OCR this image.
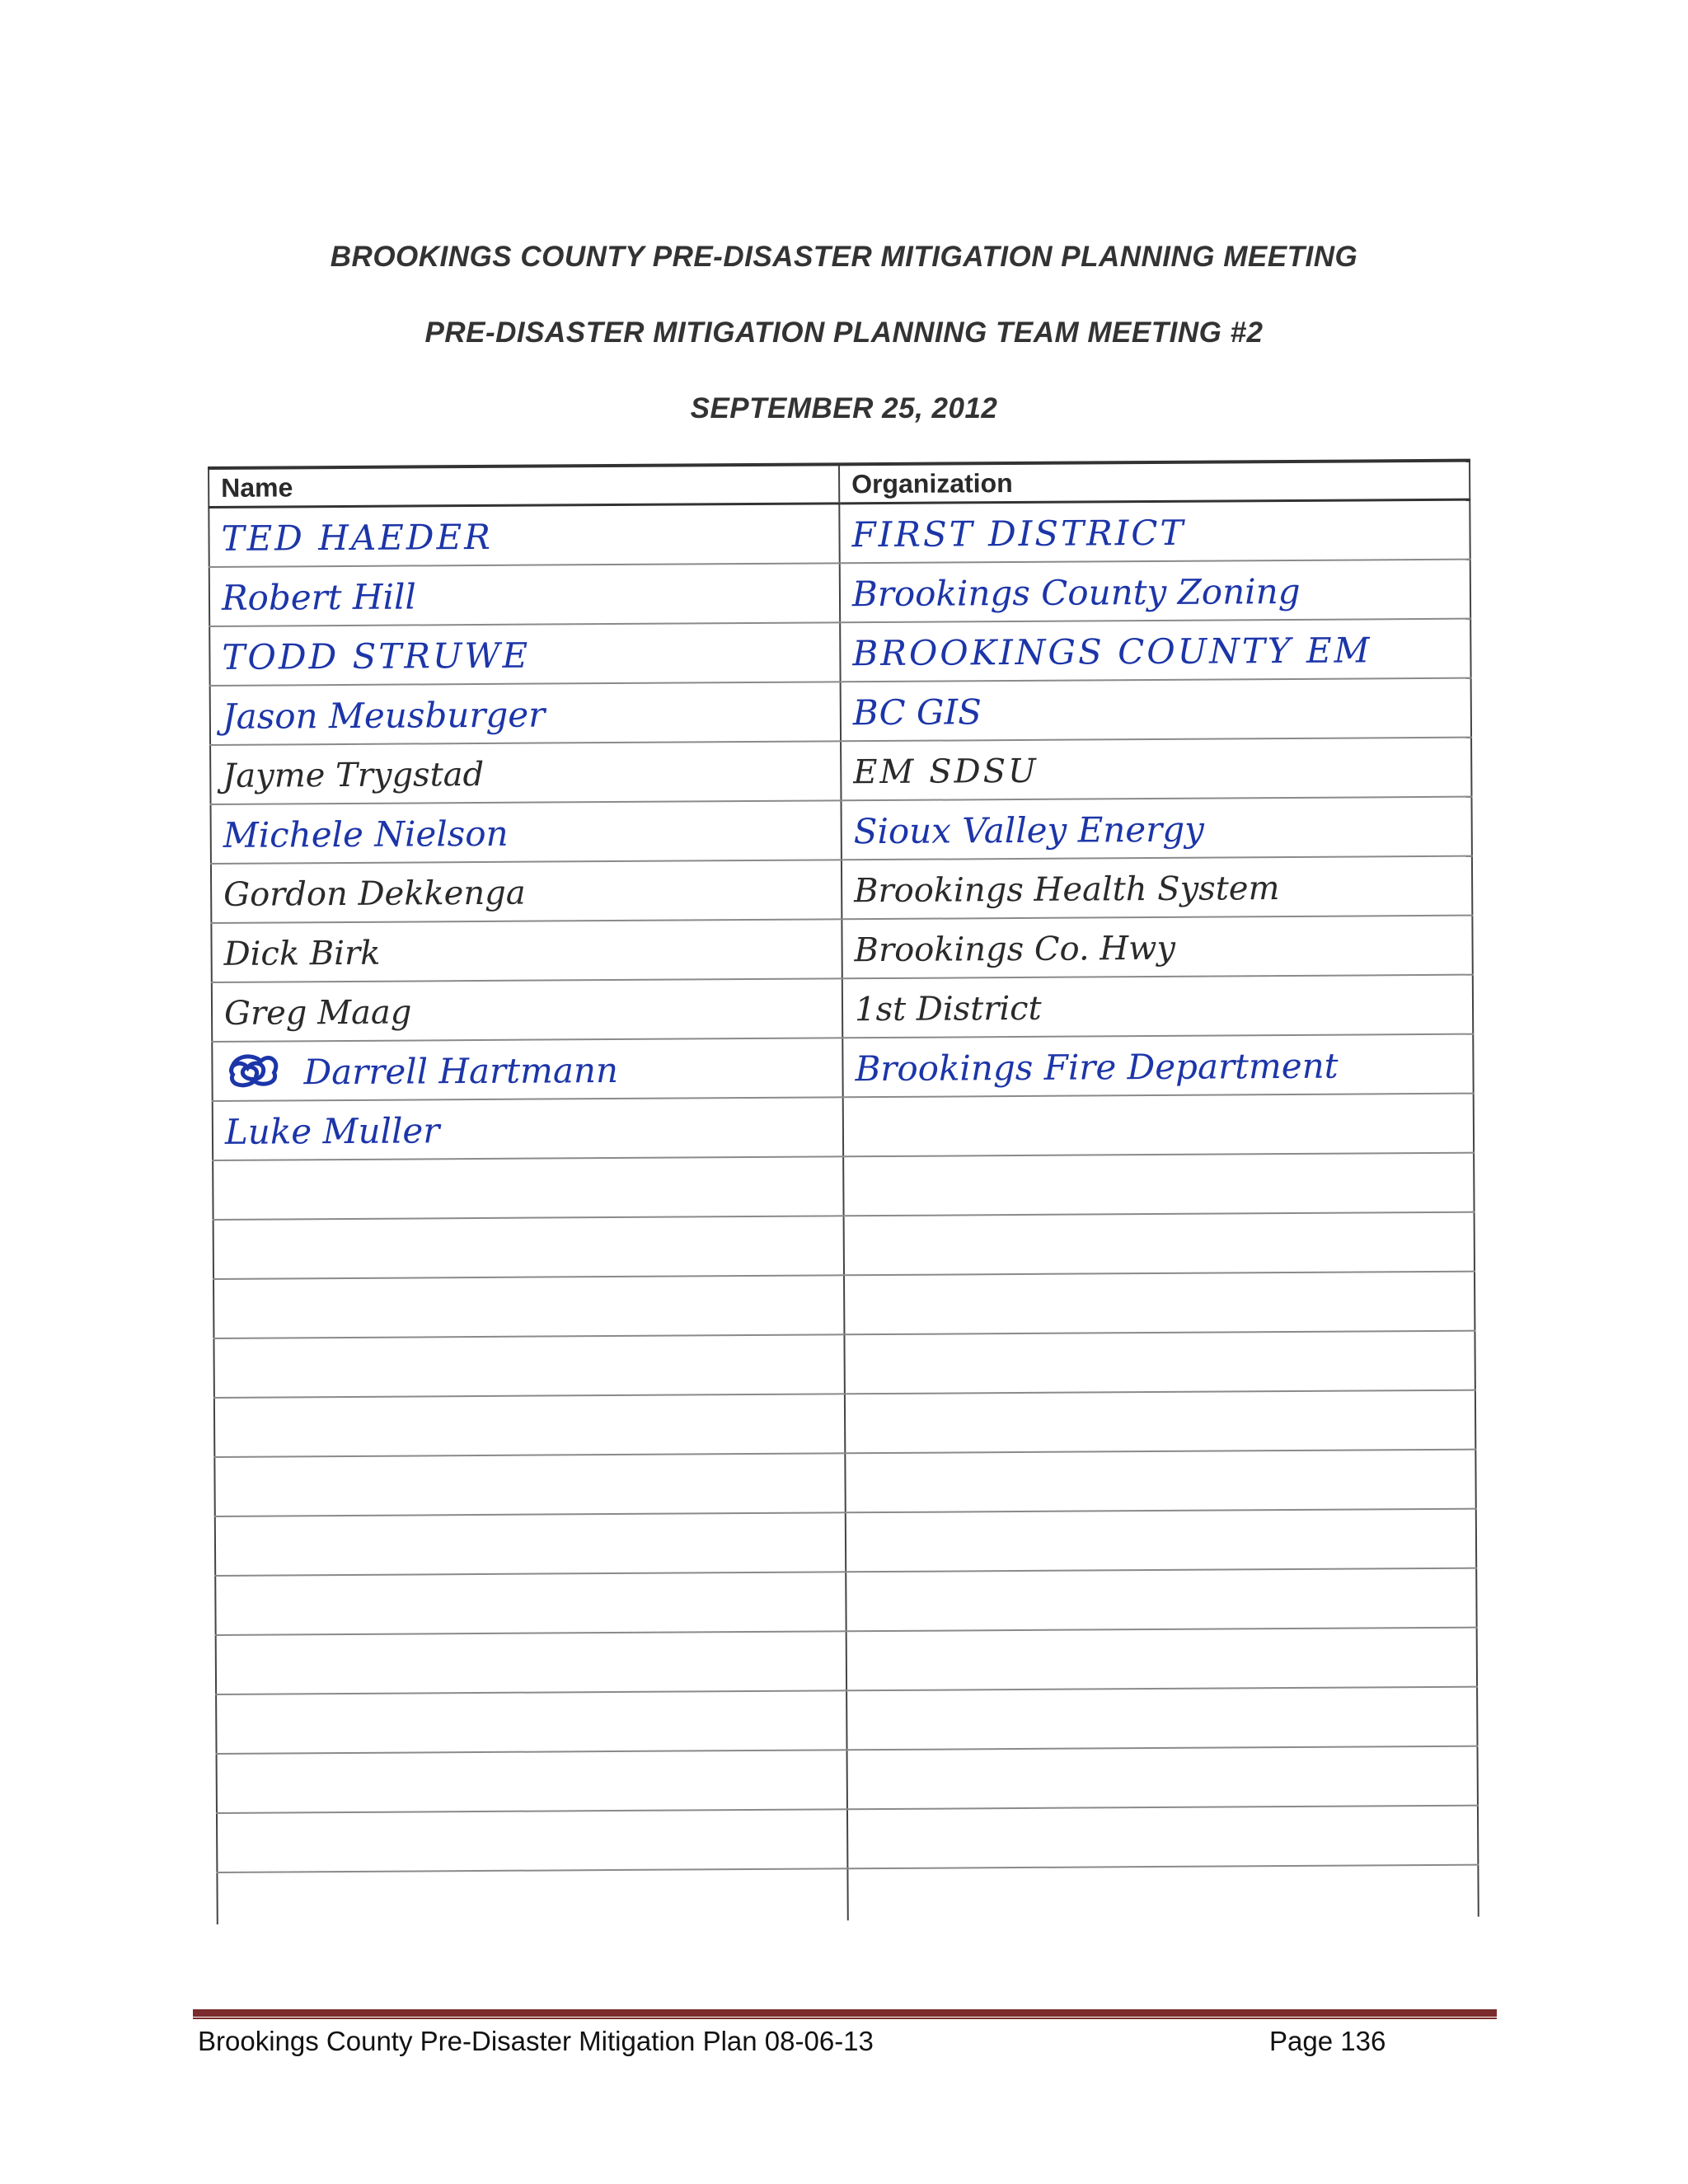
BROOKINGS COUNTY PRE-DISASTER MITIGATION PLANNING MEETING
PRE-DISASTER MITIGATION PLANNING TEAM MEETING #2
SEPTEMBER 25, 2012
Name	Organization
TED HAEDER	FIRST DISTRICT
Robert Hill	Brookings County Zoning
TODD STRUWE	BROOKINGS COUNTY EM
Jason Meusburger	BC GIS
Jayme Trygstad	EM SDSU
Michele Nielson	Sioux Valley Energy
Gordon Dekkenga	Brookings Health System
Dick Birk	Brookings Co. Hwy
Greg Maag	1st District
Darrell Hartmann	Brookings Fire Department
Luke Muller	

Brookings County Pre-Disaster Mitigation Plan 08-06-13	Page 136
